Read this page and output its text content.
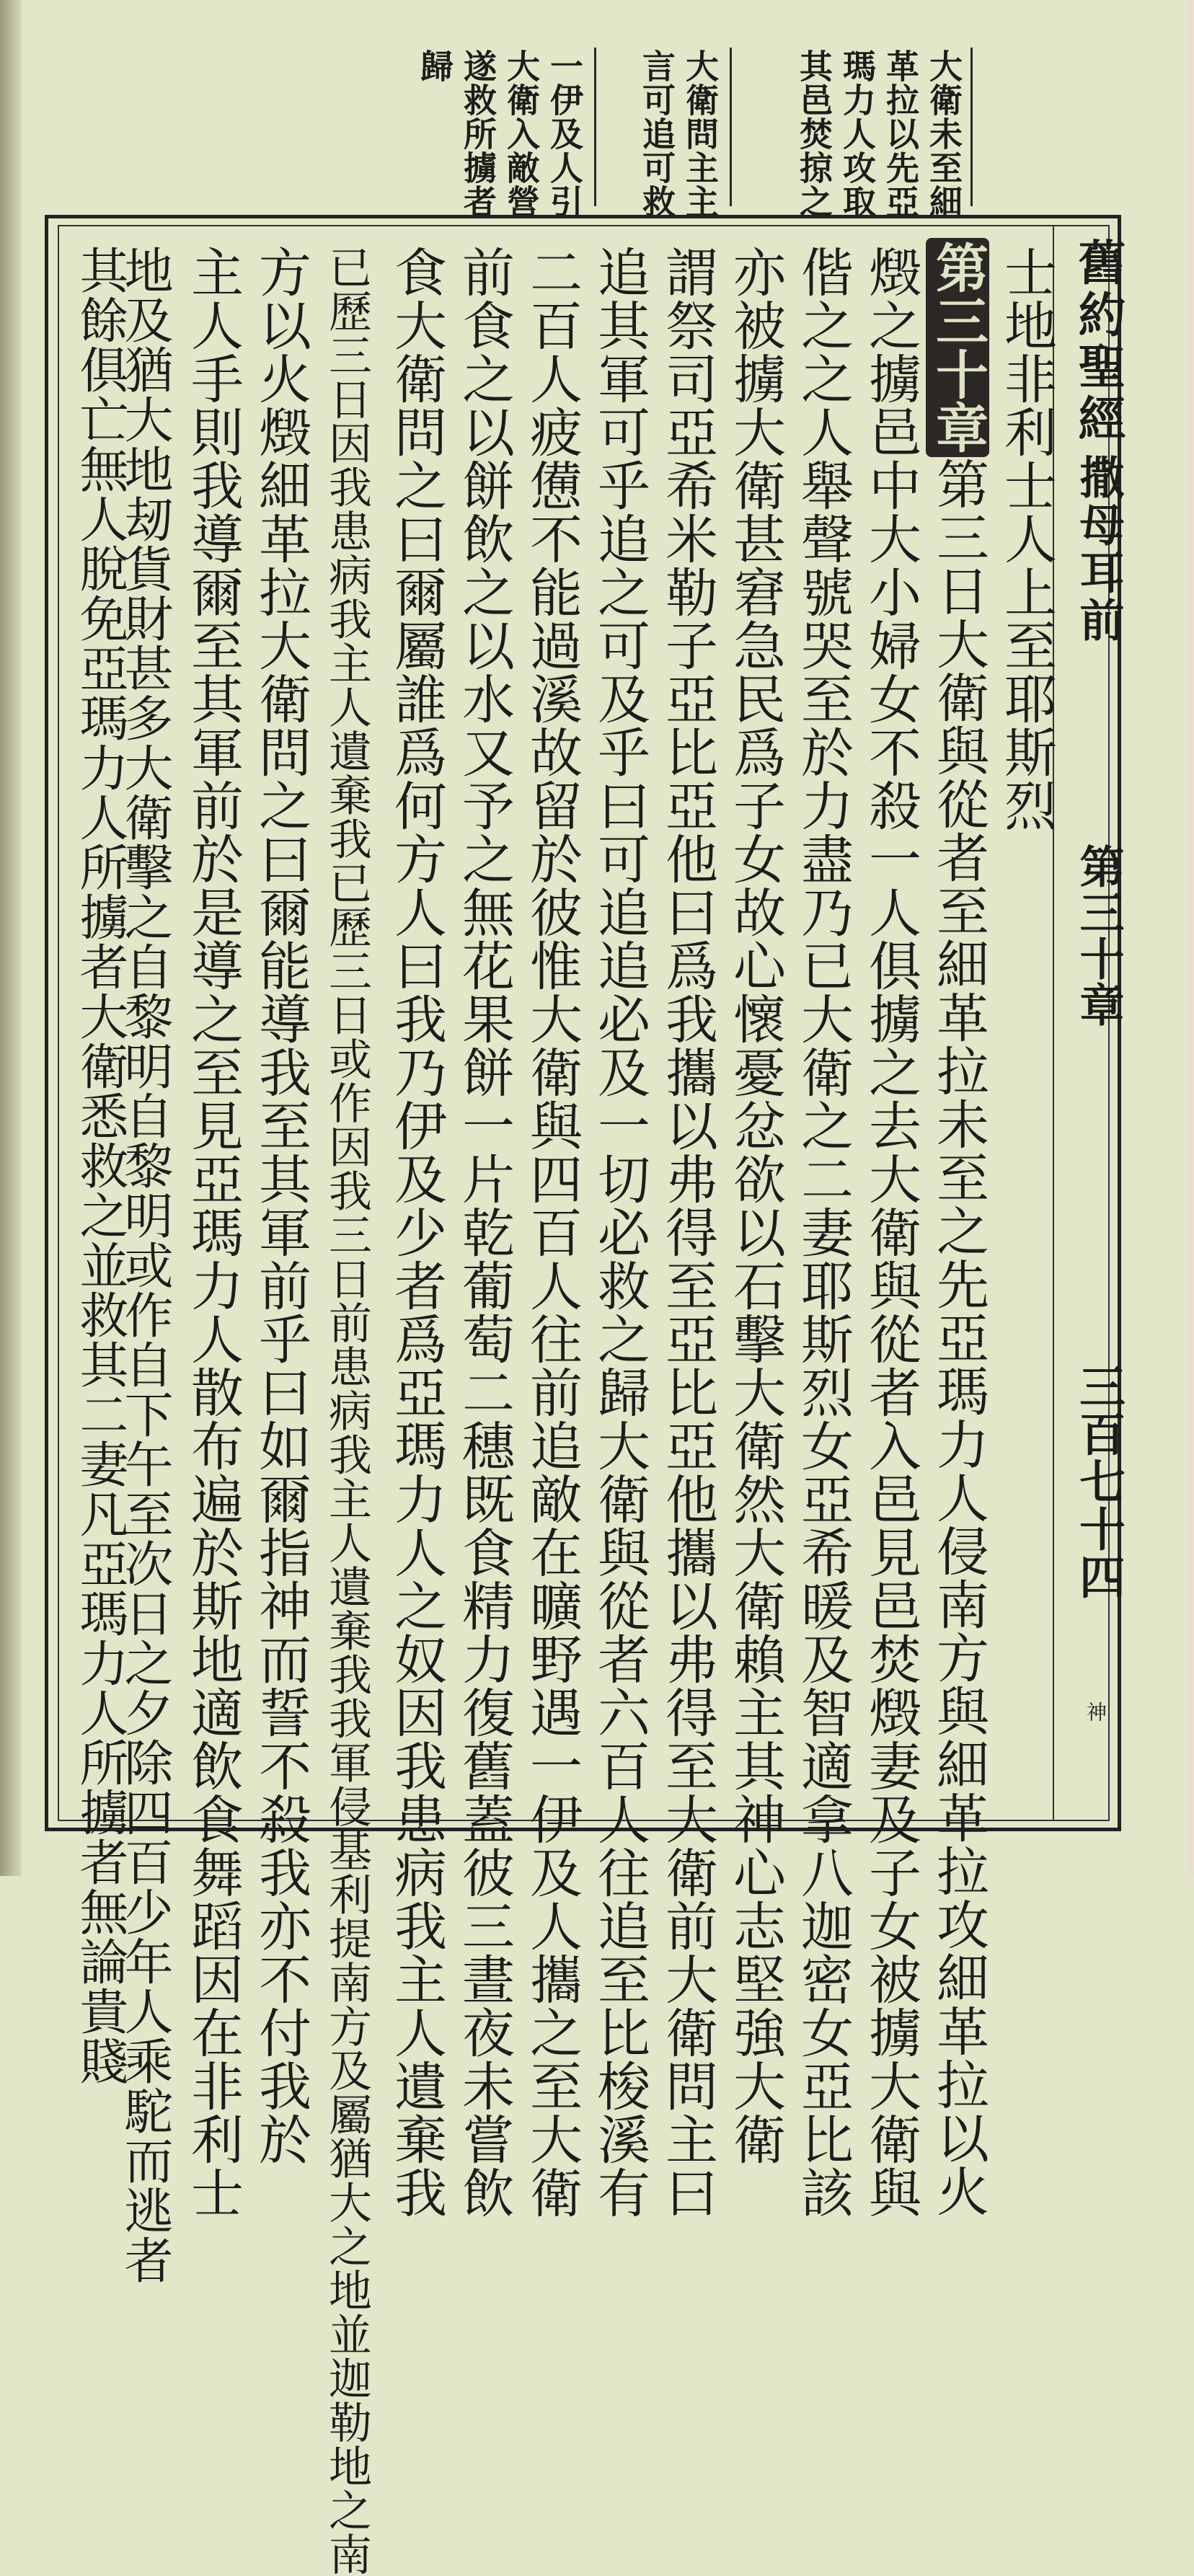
大衛未至細
革拉以先亞
瑪力人攻取
其邑焚掠之
大衛問主主
言可追可救
一伊及人引
大衛入敵營
遂救所擄者
歸
舊約聖經
撒母耳前
第三十章
三百七十四
神
士地非利士人上至耶斯烈
第三十章第三日大衛與從者至細革拉未至之先亞瑪力人侵南方與細革拉攻細革拉以火
燬之擄邑中大小婦女不殺一人俱擄之去大衛與從者入邑見邑焚燬妻及子女被擄大衛與
偕之之人舉聲號哭至於力盡乃已大衛之二妻耶斯烈女亞希暖及智適拿八迦密女亞比該
亦被擄大衛甚窘急民爲子女故心懷憂忿欲以石擊大衛然大衛賴主其神心志堅強大衛
謂祭司亞希米勒子亞比亞他曰爲我攜以弗得至亞比亞他攜以弗得至大衛前大衛問主曰
追其軍可乎追之可及乎曰可追追必及一切必救之歸大衛與從者六百人往追至比梭溪有
二百人疲憊不能過溪故留於彼惟大衛與四百人往前追敵在曠野遇一伊及人攜之至大衛
前食之以餅飲之以水又予之無花果餅一片乾葡萄二穗既食精力復舊蓋彼三晝夜未嘗飲
食大衛問之曰爾屬誰爲何方人曰我乃伊及少者爲亞瑪力人之奴因我患病我主人遺棄我
已歷三日因我患病我主人遺棄我已歷三日或作因我三日前患病我主人遺棄我我軍侵基利提南方及屬猶大之地並迦勒地之南
方以火燬細革拉大衛問之曰爾能導我至其軍前乎曰如爾指神而誓不殺我亦不付我於
主人手則我導爾至其軍前於是導之至見亞瑪力人散布遍於斯地適飲食舞蹈因在非利士
地及猶大地刼貨財甚多大衛擊之自黎明自黎明或作自下午至次日之夕除四百少年人乘駝而逃者
其餘俱亡無人脫免亞瑪力人所擄者大衛悉救之並救其二妻凡亞瑪力人所擄者無論貴賤
